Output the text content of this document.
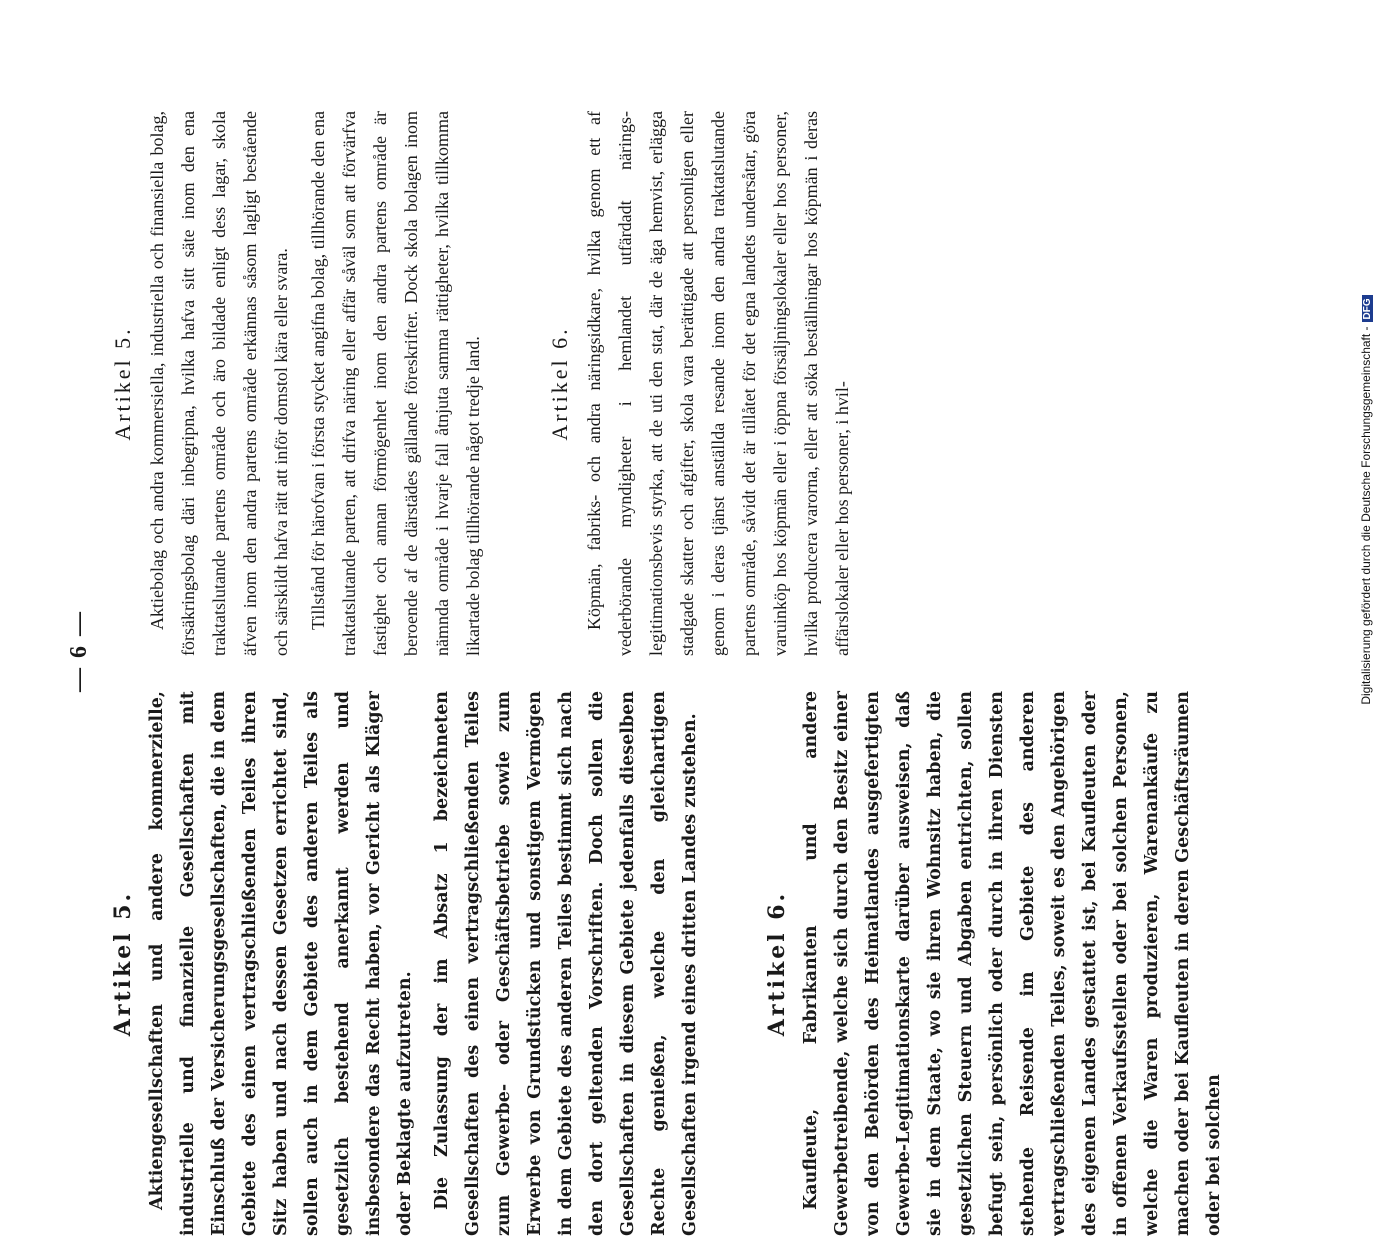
— 6 —
Artikel 5. Aktiengesellschaften und andere kommerzielle, industrielle und finanzielle Gesellschaften mit Einschluß der Versicherungsgesellschaften, die in dem Gebiete des einen vertragschließenden Teiles ihren Sitz haben und nach dessen Gesetzen errichtet sind, sollen auch in dem Gebiete des anderen Teiles als gesetzlich bestehend anerkannt werden und insbesondere das Recht haben, vor Gericht als Kläger oder Beklagte aufzutreten. Die Zulassung der im Absatz 1 bezeichneten Gesellschaften des einen vertragschließenden Teiles zum Gewerbe- oder Geschäftsbetriebe sowie zum Erwerbe von Grundstücken und sonstigem Vermögen in dem Gebiete des anderen Teiles bestimmt sich nach den dort geltenden Vorschriften. Doch sollen die Gesellschaften in diesem Gebiete jedenfalls dieselben Rechte genießen, welche den gleichartigen Gesellschaften irgend eines dritten Landes zustehen.	Artikel 6. Kaufleute, Fabrikanten und andere Gewerbetreibende, welche sich durch den Besitz einer von den Behörden des Heimatlandes ausgefertigten Gewerbe-Legitimationskarte darüber ausweisen, daß sie in dem Staate, wo sie ihren Wohnsitz haben, die gesetzlichen Steuern und Abgaben entrichten, sollen befugt sein, persönlich oder durch in ihren Diensten stehende Reisende im Gebiete des anderen vertragschließenden Teiles, soweit es den Angehörigen des eigenen Landes gestattet ist, bei Kaufleuten oder in offenen Verkaufsstellen oder bei solchen Personen, welche die Waren produzieren, Warenankäufe zu machen oder bei Kaufleuten in deren Geschäftsräumen oder bei solchen

Artikel 5. Aktiebolag och andra kommersiella, industriella och finansiella bolag, försäkringsbolag däri inbegripna, hvilka hafva sitt säte inom den ena traktatslutande partens område och äro bildade enligt dess lagar, skola äfven inom den andra partens område erkännas såsom lagligt bestående och särskildt hafva rätt att inför domstol kära eller svara. Tillstånd för härofvan i första stycket angifna bolag, tillhörande den ena traktatslutande parten, att drifva näring eller affär såväl som att förvärfva fastighet och annan förmögenhet inom den andra partens område är beroende af de därstädes gällande föreskrifter. Dock skola bolagen inom nämnda område i hvarje fall åtnjuta samma rättigheter, hvilka tillkomma likartade bolag tillhörande något tredje land.	Artikel 6. Köpmän, fabriks- och andra näringsidkare, hvilka genom ett af vederbörande myndigheter i hemlandet utfärdadt närings-legitimationsbevis styrka, att de uti den stat, där de äga hemvist, erlägga stadgade skatter och afgifter, skola vara berättigade att personligen eller genom i deras tjänst anställda resande inom den andra traktatslutande partens område, såvidt det är tillåtet för det egna landets undersåtar, göra varuinköp hos köpmän eller i öppna försäljningslokaler eller hos personer, hvilka producera varorna, eller att söka beställningar hos köpmän i deras affärslokaler eller hos personer, i hvil-	Digitalisierung gefördert durch die Deutsche Forschungsgemeinschaft -DFG
